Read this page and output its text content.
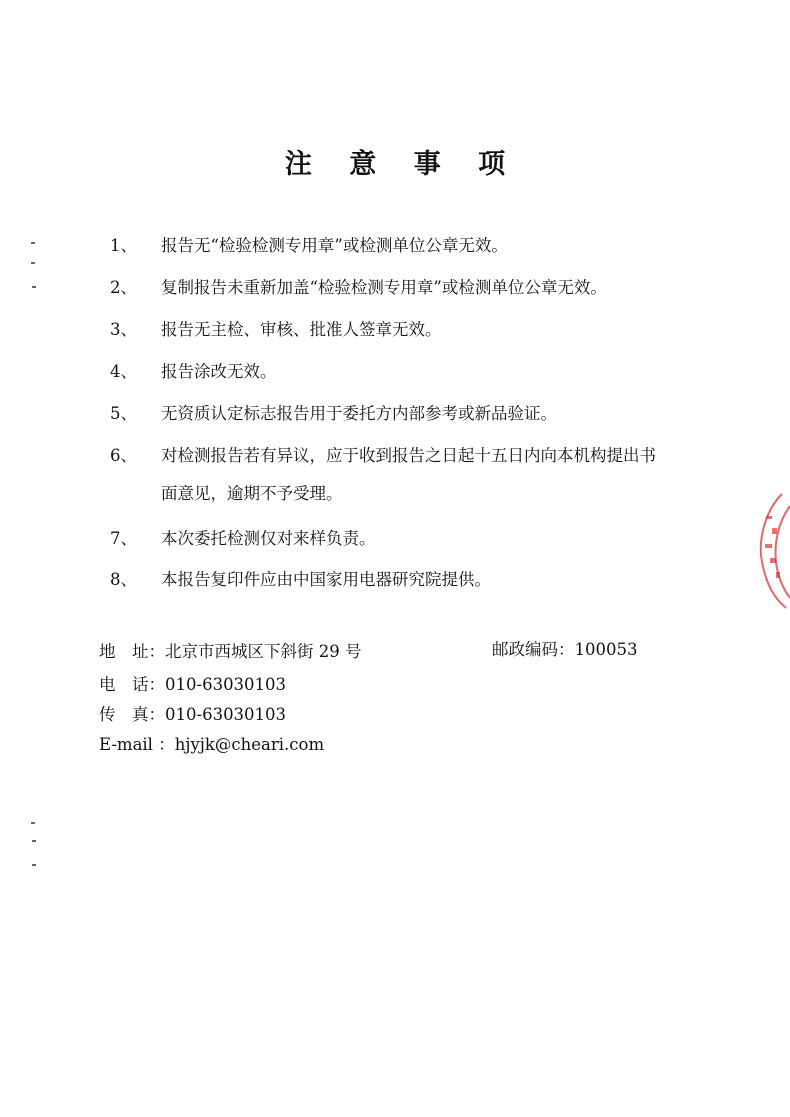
注 意 事 项
1、 报告无“检验检测专用章”或检测单位公章无效。
2、 复制报告未重新加盖“检验检测专用章”或检测单位公章无效。
3、 报告无主检、审核、批准人签章无效。
4、 报告涂改无效。
5、 无资质认定标志报告用于委托方内部参考或新品验证。
6、 对检测报告若有异议，应于收到报告之日起十五日内向本机构提出书
面意见，逾期不予受理。
7、 本次委托检测仅对来样负责。
8、 本报告复印件应由中国家用电器研究院提供。
地　址：北京市西城区下斜街 29 号	邮政编码：100053
电　话：010-63030103
传　真：010-63030103
E-mail ：hjyjk@cheari.com
